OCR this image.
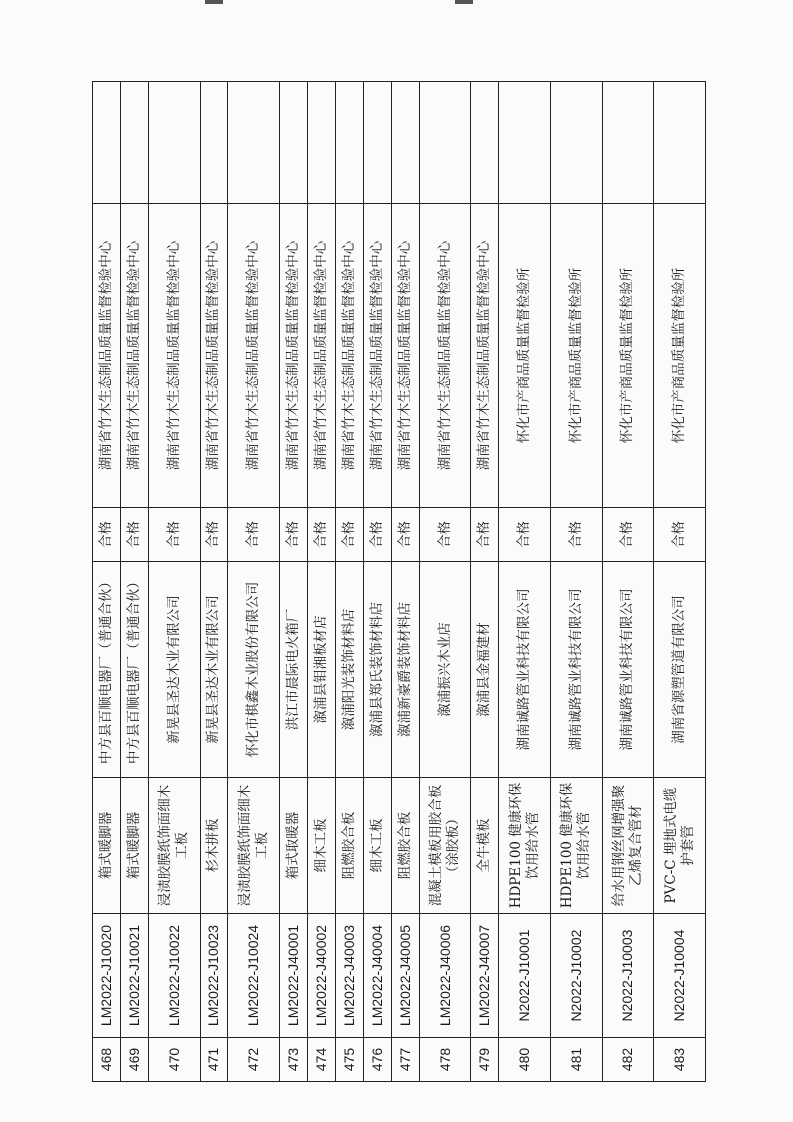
468	LM2022-J10020	箱式暖脚器	中方县百顺电器厂（普通合伙）	合格	湖南省竹木生态制品质量监督检验中心	
469	LM2022-J10021	箱式暖脚器	中方县百顺电器厂（普通合伙）	合格	湖南省竹木生态制品质量监督检验中心	
470	LM2022-J10022	浸渍胶膜纸饰面细木工板	新晃县圣达木业有限公司	合格	湖南省竹木生态制品质量监督检验中心	
471	LM2022-J10023	杉木拼板	新晃县圣达木业有限公司	合格	湖南省竹木生态制品质量监督检验中心	
472	LM2022-J10024	浸渍胶膜纸饰面细木工板	怀化市棋鑫木业股份有限公司	合格	湖南省竹木生态制品质量监督检验中心	
473	LM2022-J40001	箱式取暖器	洪江市晨际电火箱厂	合格	湖南省竹木生态制品质量监督检验中心	
474	LM2022-J40002	细木工板	溆浦县钼湘板材店	合格	湖南省竹木生态制品质量监督检验中心	
475	LM2022-J40003	阻燃胶合板	溆浦阳光装饰材料店	合格	湖南省竹木生态制品质量监督检验中心	
476	LM2022-J40004	细木工板	溆浦县郑氏装饰材料店	合格	湖南省竹木生态制品质量监督检验中心	
477	LM2022-J40005	阻燃胶合板	溆浦新豪爵装饰材料店	合格	湖南省竹木生态制品质量监督检验中心	
478	LM2022-J40006	混凝土模板用胶合板（涂胶板）	溆浦振兴木业店	合格	湖南省竹木生态制品质量监督检验中心	
479	LM2022-J40007	全牛模板	溆浦县金福建材	合格	湖南省竹木生态制品质量监督检验中心	
480	N2022-J10001	HDPE100 健康环保饮用给水管	湖南诚路管业科技有限公司	合格	怀化市产商品质量监督检验所	
481	N2022-J10002	HDPE100 健康环保饮用给水管	湖南诚路管业科技有限公司	合格	怀化市产商品质量监督检验所	
482	N2022-J10003	给水用钢丝网增强聚乙烯复合管材	湖南诚路管业科技有限公司	合格	怀化市产商品质量监督检验所	
483	N2022-J10004	PVC-C 埋地式电缆护套管	湖南省源塑管道有限公司	合格	怀化市产商品质量监督检验所	
